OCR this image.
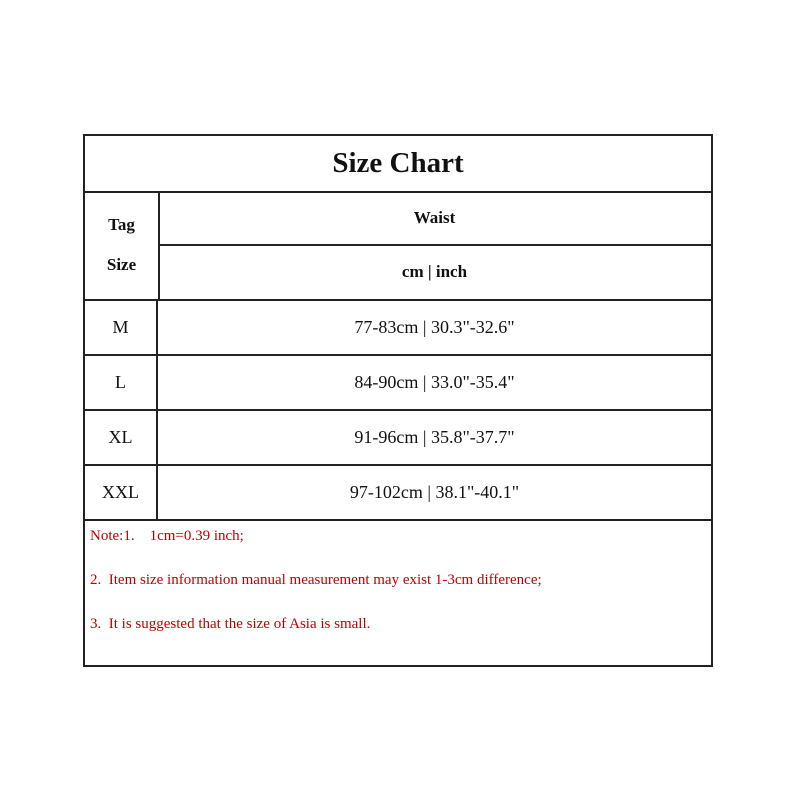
Size Chart
Tag
Size
Waist
cm | inch
M	77-83cm | 30.3"-32.6"
L	84-90cm | 33.0"-35.4"
XL	91-96cm | 35.8"-37.7"
XXL	97-102cm | 38.1"-40.1"
Note:1.    1cm=0.39 inch;
2.  Item size information manual measurement may exist 1-3cm difference;
3.  It is suggested that the size of Asia is small.
